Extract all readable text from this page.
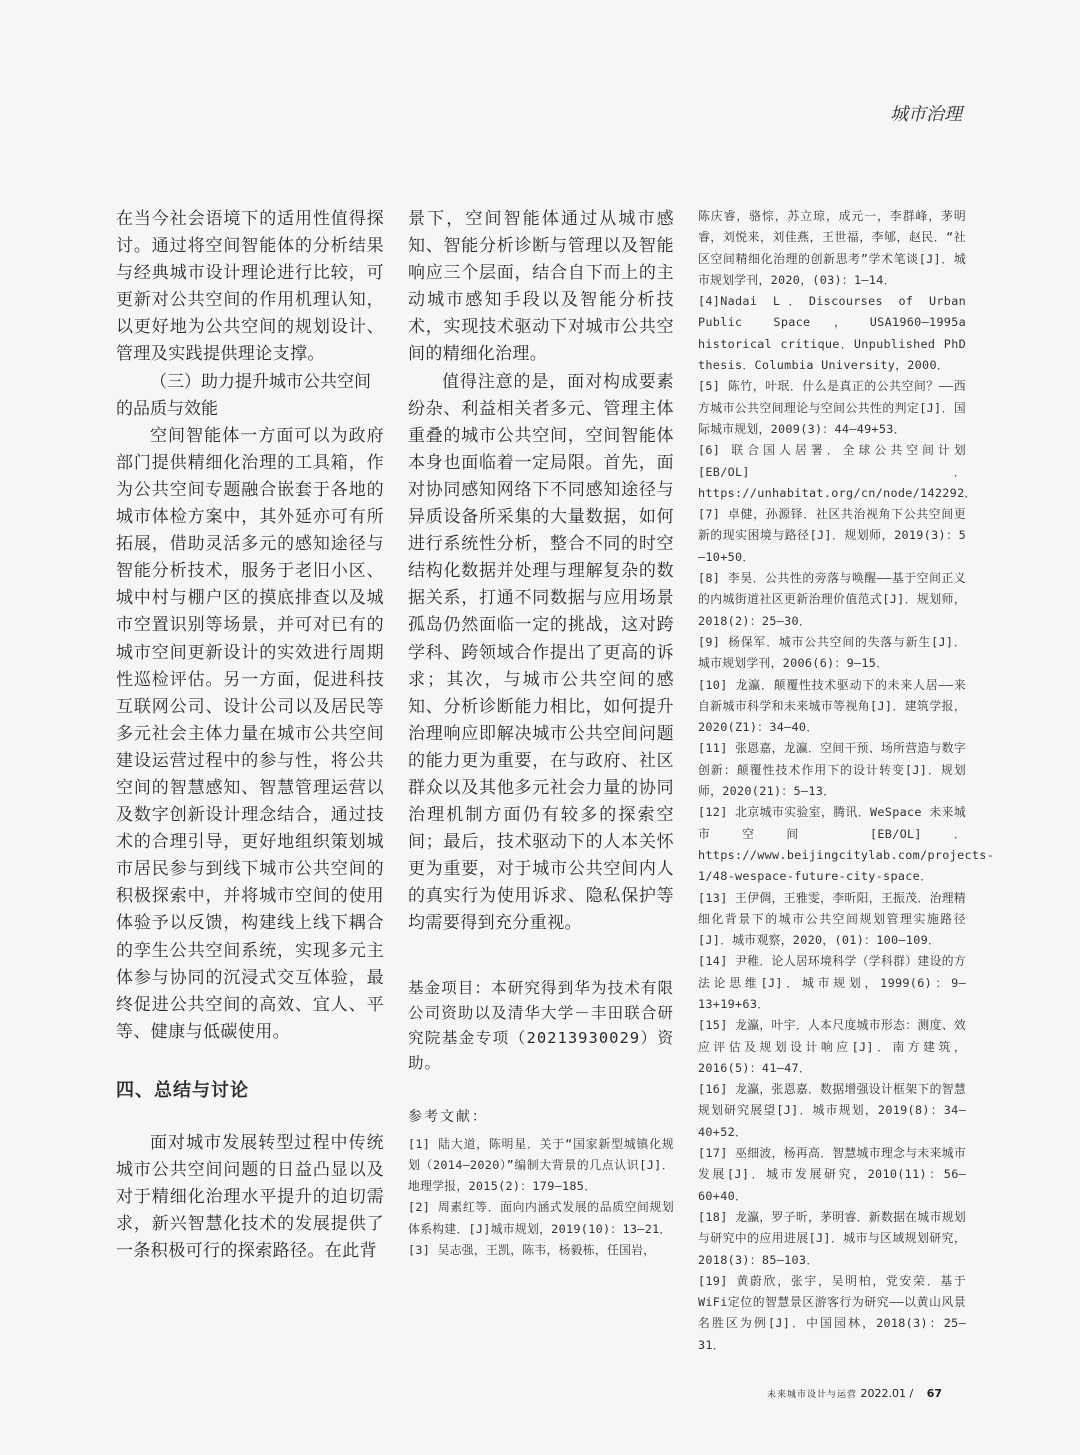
城市治理

在当今社会语境下的适用性值得探讨。通过将空间智能体的分析结果与经典城市设计理论进行比较，可更新对公共空间的作用机理认知，以更好地为公共空间的规划设计、管理及实践提供理论支撑。

（三）助力提升城市公共空间的品质与效能

空间智能体一方面可以为政府部门提供精细化治理的工具箱，作为公共空间专题融合嵌套于各地的城市体检方案中，其外延亦可有所拓展，借助灵活多元的感知途径与智能分析技术，服务于老旧小区、城中村与棚户区的摸底排查以及城市空置识别等场景，并可对已有的城市空间更新设计的实效进行周期性巡检评估。另一方面，促进科技互联网公司、设计公司以及居民等多元社会主体力量在城市公共空间建设运营过程中的参与性，将公共空间的智慧感知、智慧管理运营以及数字创新设计理念结合，通过技术的合理引导，更好地组织策划城市居民参与到线下城市公共空间的积极探索中，并将城市空间的使用体验予以反馈，构建线上线下耦合的孪生公共空间系统，实现多元主体参与协同的沉浸式交互体验，最终促进公共空间的高效、宜人、平等、健康与低碳使用。

四、总结与讨论

面对城市发展转型过程中传统城市公共空间问题的日益凸显以及对于精细化治理水平提升的迫切需求，新兴智慧化技术的发展提供了一条积极可行的探索路径。在此背

景下，空间智能体通过从城市感知、智能分析诊断与管理以及智能响应三个层面，结合自下而上的主动城市感知手段以及智能分析技术，实现技术驱动下对城市公共空间的精细化治理。

值得注意的是，面对构成要素纷杂、利益相关者多元、管理主体重叠的城市公共空间，空间智能体本身也面临着一定局限。首先，面对协同感知网络下不同感知途径与异质设备所采集的大量数据，如何进行系统性分析，整合不同的时空结构化数据并处理与理解复杂的数据关系，打通不同数据与应用场景孤岛仍然面临一定的挑战，这对跨学科、跨领域合作提出了更高的诉求；其次，与城市公共空间的感知、分析诊断能力相比，如何提升治理响应即解决城市公共空间问题的能力更为重要，在与政府、社区群众以及其他多元社会力量的协同治理机制方面仍有较多的探索空间；最后，技术驱动下的人本关怀更为重要，对于城市公共空间内人的真实行为使用诉求、隐私保护等均需要得到充分重视。

基金项目：本研究得到华为技术有限公司资助以及清华大学－丰田联合研究院基金专项（20213930029）资助。

参考文献：

[1] 陆大道，陈明星．关于“国家新型城镇化规划（2014—2020）”编制大背景的几点认识[J]．地理学报，2015(2)：179—185．

[2] 周素红等．面向内涵式发展的品质空间规划体系构建．[J]城市规划，2019(10)：13—21．

[3] 吴志强，王凯，陈韦，杨毅栋，任国岩，

陈庆睿，骆悰，苏立琼，成元一，李群峰，茅明睿，刘悦来，刘佳燕，王世福，李郇，赵民．“社区空间精细化治理的创新思考”学术笔谈[J]．城市规划学刊，2020，(03)：1—14．

[4]Nadai L．Discourses of Urban Public Space，USA1960—1995a historical critique．Unpublished PhD thesis．Columbia University，2000．

[5] 陈竹，叶珉．什么是真正的公共空间？——西方城市公共空间理论与空间公共性的判定[J]．国际城市规划，2009(3)：44—49+53．

[6] 联合国人居署．全球公共空间计划[EB/OL]．https://unhabitat.org/cn/node/142292．

[7] 卓健，孙源铎．社区共治视角下公共空间更新的现实困境与路径[J]．规划师，2019(3)：5—10+50．

[8] 李昊．公共性的旁落与唤醒——基于空间正义的内城街道社区更新治理价值范式[J]．规划师，2018(2)：25—30．

[9] 杨保军．城市公共空间的失落与新生[J]．城市规划学刊，2006(6)：9—15．

[10] 龙瀛．颠覆性技术驱动下的未来人居——来自新城市科学和未来城市等视角[J]．建筑学报，2020(Z1)：34—40．

[11] 张恩嘉，龙瀛．空间干预、场所营造与数字创新：颠覆性技术作用下的设计转变[J]．规划师，2020(21)：5—13．

[12] 北京城市实验室，腾讯．WeSpace 未来城市空间 [EB/OL]．https://www.beijingcitylab.com/projects-1/48-wespace-future-city-space．

[13] 王伊倜，王雅雯，李昕阳，王振茂．治理精细化背景下的城市公共空间规划管理实施路径[J]．城市观察，2020，(01)：100—109．

[14] 尹稚．论人居环境科学（学科群）建设的方法论思维[J]．城市规划，1999(6)：9—13+19+63．

[15] 龙瀛，叶宇．人本尺度城市形态：测度、效应评估及规划设计响应[J]．南方建筑，2016(5)：41—47．

[16] 龙瀛，张恩嘉．数据增强设计框架下的智慧规划研究展望[J]．城市规划，2019(8)：34—40+52．

[17] 巫细波，杨再高．智慧城市理念与未来城市发展[J]．城市发展研究，2010(11)：56—60+40．

[18] 龙瀛，罗子昕，茅明睿．新数据在城市规划与研究中的应用进展[J]．城市与区域规划研究，2018(3)：85—103．

[19] 黄蔚欣，张宇，吴明柏，党安荣．基于WiFi定位的智慧景区游客行为研究——以黄山风景名胜区为例[J]．中国园林，2018(3)：25—31．

未来城市设计与运营 2022.01 / 67
